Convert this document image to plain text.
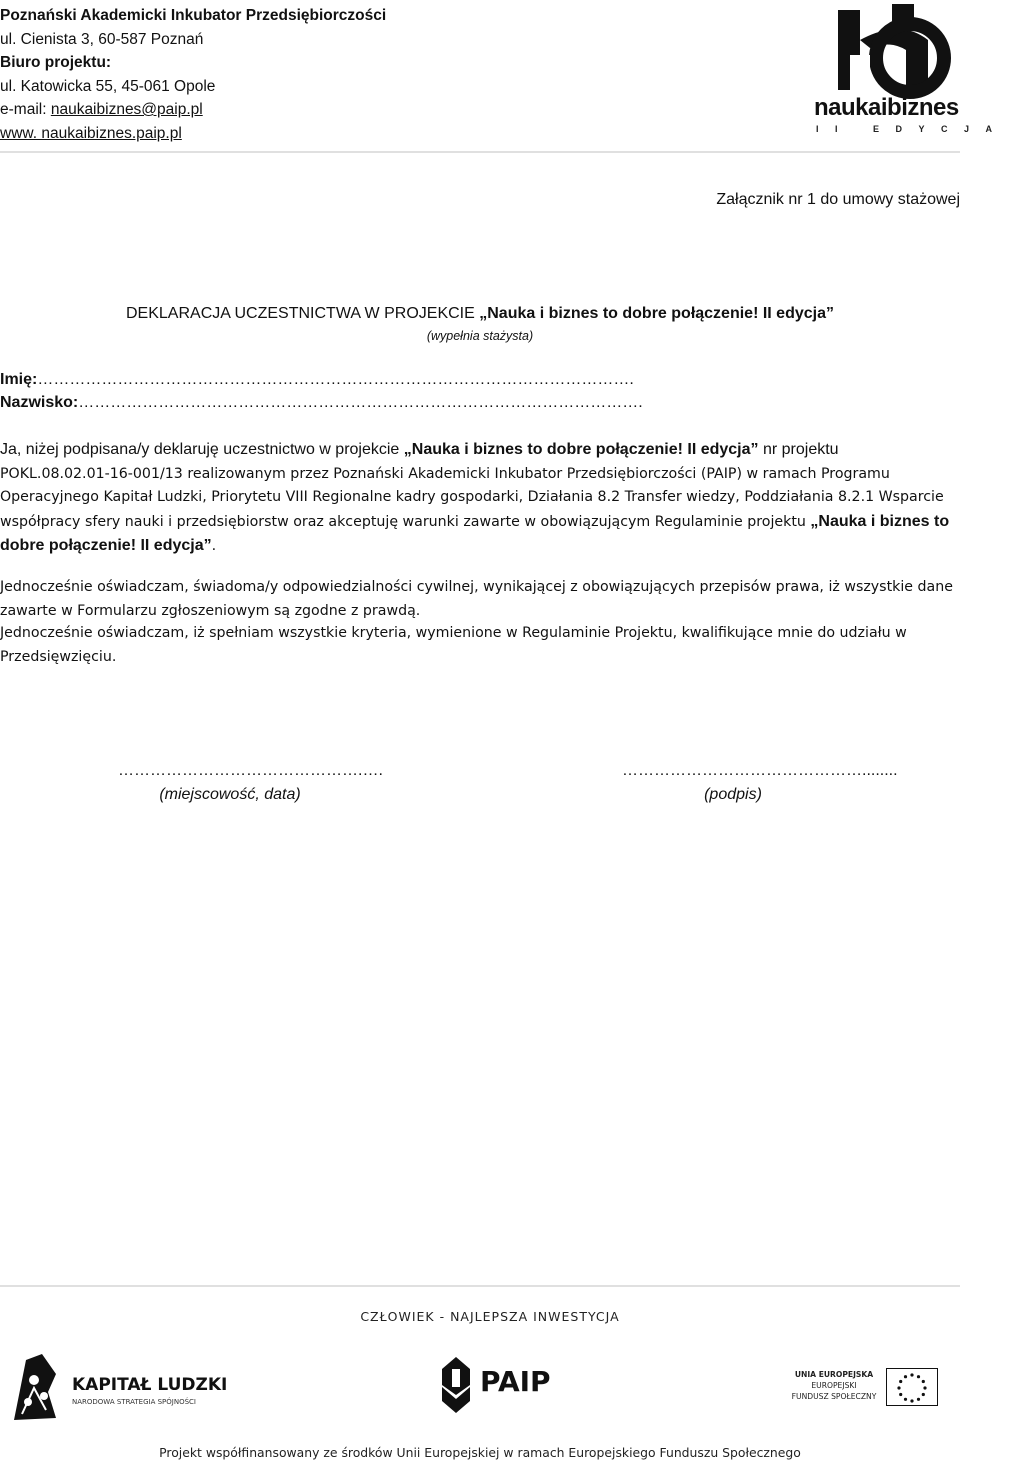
Poznański Akademicki Inkubator Przedsiębiorczości
ul. Cienista 3, 60-587 Poznań
Biuro projektu:
ul. Katowicka 55, 45-061 Opole
e-mail: naukaibiznes@paip.pl
www. naukaibiznes.paip.pl
naukaibiznes
II EDYCJA
Załącznik nr 1 do umowy stażowej
DEKLARACJA UCZESTNICTWA W PROJEKCIE „Nauka i biznes to dobre połączenie! II edycja”
(wypełnia stażysta)
Imię:………………………………………………………………………………………………….
Nazwisko:…………………………………………………………………………………………….
Ja, niżej podpisana/y deklaruję uczestnictwo w projekcie „Nauka i biznes to dobre połączenie! II edycja” nr projektu
POKL.08.02.01-16-001/13 realizowanym przez Poznański Akademicki Inkubator Przedsiębiorczości (PAIP) w ramach Programu Operacyjnego Kapitał Ludzki, Priorytetu VIII Regionalne kadry gospodarki, Działania 8.2 Transfer wiedzy, Poddziałania 8.2.1 Wsparcie współpracy sfery nauki i przedsiębiorstw oraz akceptuję warunki zawarte w obowiązującym Regulaminie projektu „Nauka i biznes to dobre połączenie! II edycja”.
Jednocześnie oświadczam, świadoma/y odpowiedzialności cywilnej, wynikającej z obowiązujących przepisów prawa, iż wszystkie dane zawarte w Formularzu zgłoszeniowym są zgodne z prawdą.
Jednocześnie oświadczam, iż spełniam wszystkie kryteria, wymienione w Regulaminie Projektu, kwalifikujące mnie do udziału w Przedsięwzięciu.
……………………………………….….
(miejscowość, data)
………………………………………........
(podpis)
CZŁOWIEK - NAJLEPSZA INWESTYCJA
KAPITAŁ LUDZKI
NARODOWA STRATEGIA SPÓJNOŚCI
PAIP	UNIA EUROPEJSKA
EUROPEJSKI
FUNDUSZ SPOŁECZNY
Projekt współfinansowany ze środków Unii Europejskiej w ramach Europejskiego Funduszu Społecznego
